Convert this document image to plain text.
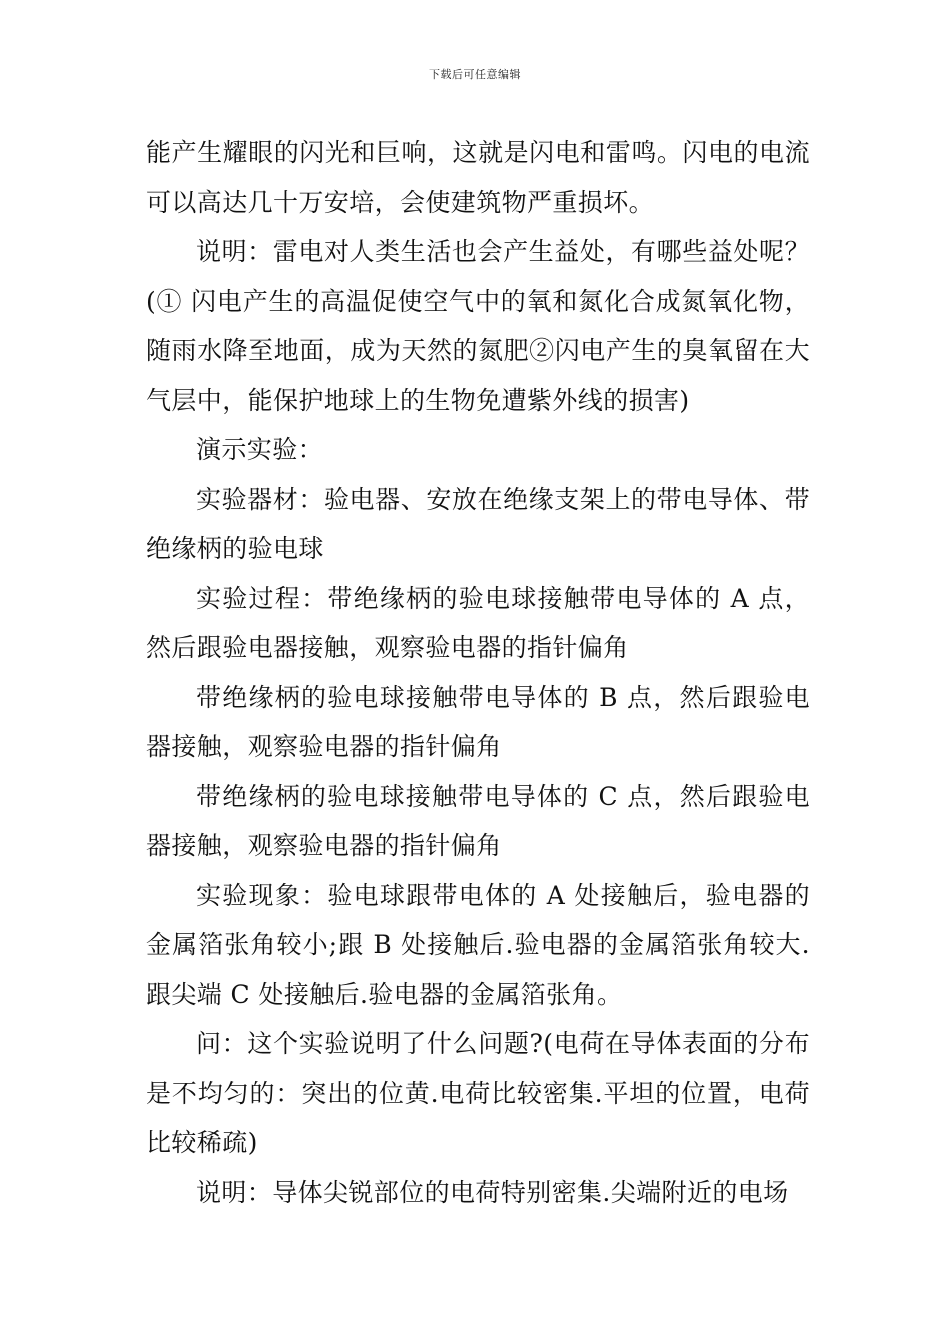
下载后可任意编辑

能产生耀眼的闪光和巨响，这就是闪电和雷鸣。闪电的电流可以高达几十万安培，会使建筑物严重损坏。

说明：雷电对人类生活也会产生益处，有哪些益处呢？(① 闪电产生的高温促使空气中的氧和氮化合成氮氧化物，随雨水降至地面，成为天然的氮肥②闪电产生的臭氧留在大气层中，能保护地球上的生物免遭紫外线的损害)

演示实验：

实验器材：验电器、安放在绝缘支架上的带电导体、带绝缘柄的验电球

实验过程：带绝缘柄的验电球接触带电导体的 A 点，然后跟验电器接触，观察验电器的指针偏角

带绝缘柄的验电球接触带电导体的 B 点，然后跟验电器接触，观察验电器的指针偏角

带绝缘柄的验电球接触带电导体的 C 点，然后跟验电器接触，观察验电器的指针偏角

实验现象：验电球跟带电体的 A 处接触后，验电器的金属箔张角较小;跟 B 处接触后.验电器的金属箔张角较大.跟尖端 C 处接触后.验电器的金属箔张角。

问：这个实验说明了什么问题?(电荷在导体表面的分布是不均匀的：突出的位黄.电荷比较密集.平坦的位置，电荷比较稀疏)

说明：导体尖锐部位的电荷特别密集.尖端附近的电场
